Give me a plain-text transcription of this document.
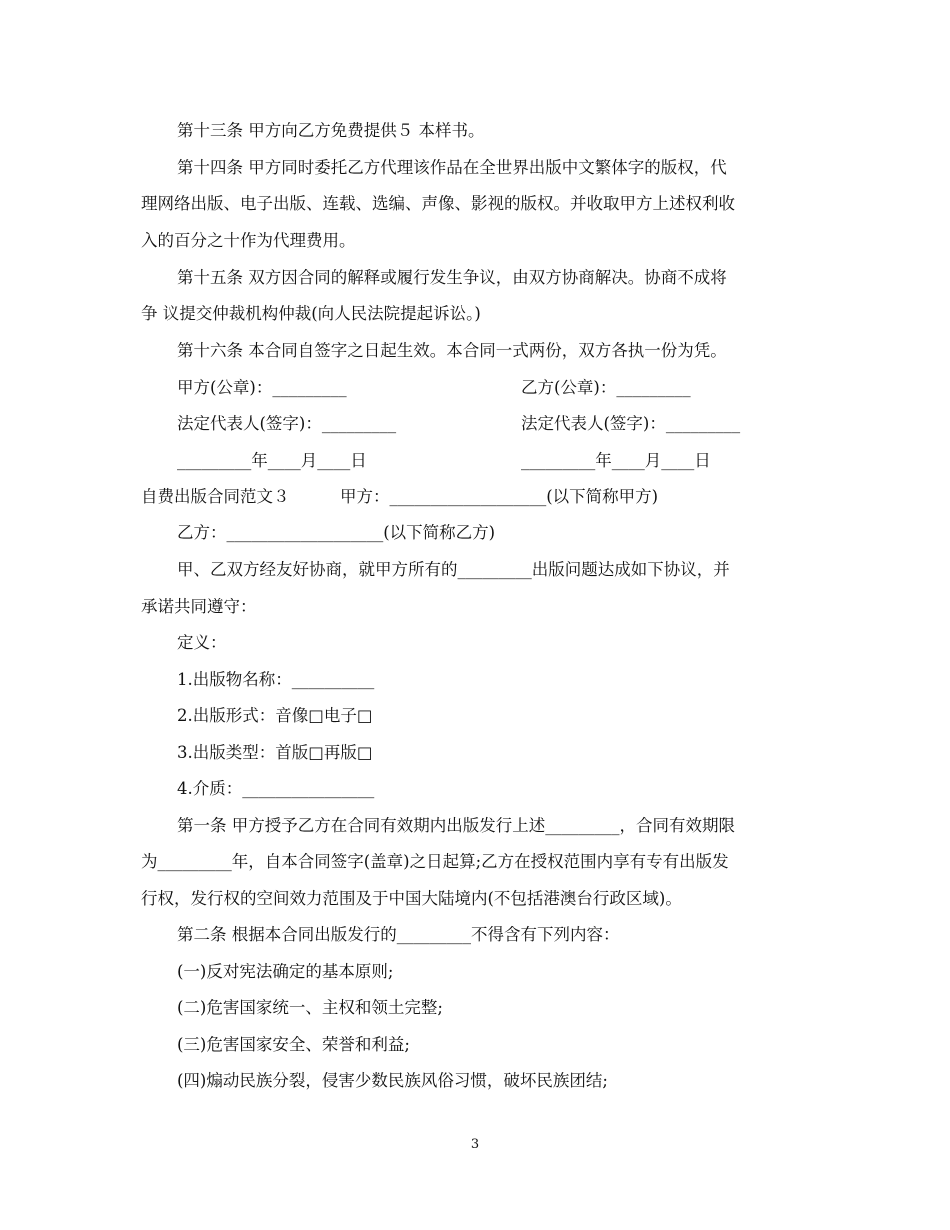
第十三条 甲方向乙方免费提供５ 本样书。
第十四条 甲方同时委托乙方代理该作品在全世界出版中文繁体字的版权，代
理网络出版、电子出版、连载、选编、声像、影视的版权。并收取甲方上述权利收
入的百分之十作为代理费用。
第十五条 双方因合同的解释或履行发生争议，由双方协商解决。协商不成将
争 议提交仲裁机构仲裁(向人民法院提起诉讼。)
第十六条 本合同自签字之日起生效。本合同一式两份，双方各执一份为凭。
甲方(公章)：_________	乙方(公章)：_________
法定代表人(签字)：_________	法定代表人(签字)：_________
_________年____月____日	_________年____月____日
自费出版合同范文３	甲方：___________________(以下简称甲方)
乙方：___________________(以下简称乙方)
甲、乙双方经友好协商，就甲方所有的_________出版问题达成如下协议，并
承诺共同遵守：
定义：
1.出版物名称：__________
2.出版形式：音像□电子□
3.出版类型：首版□再版□
4.介质：________________
第一条 甲方授予乙方在合同有效期内出版发行上述_________，合同有效期限
为_________年，自本合同签字(盖章)之日起算;乙方在授权范围内享有专有出版发
行权，发行权的空间效力范围及于中国大陆境内(不包括港澳台行政区域)。
第二条 根据本合同出版发行的_________不得含有下列内容：
(一)反对宪法确定的基本原则;
(二)危害国家统一、主权和领土完整;
(三)危害国家安全、荣誉和利益;
(四)煽动民族分裂，侵害少数民族风俗习惯，破坏民族团结;
3
